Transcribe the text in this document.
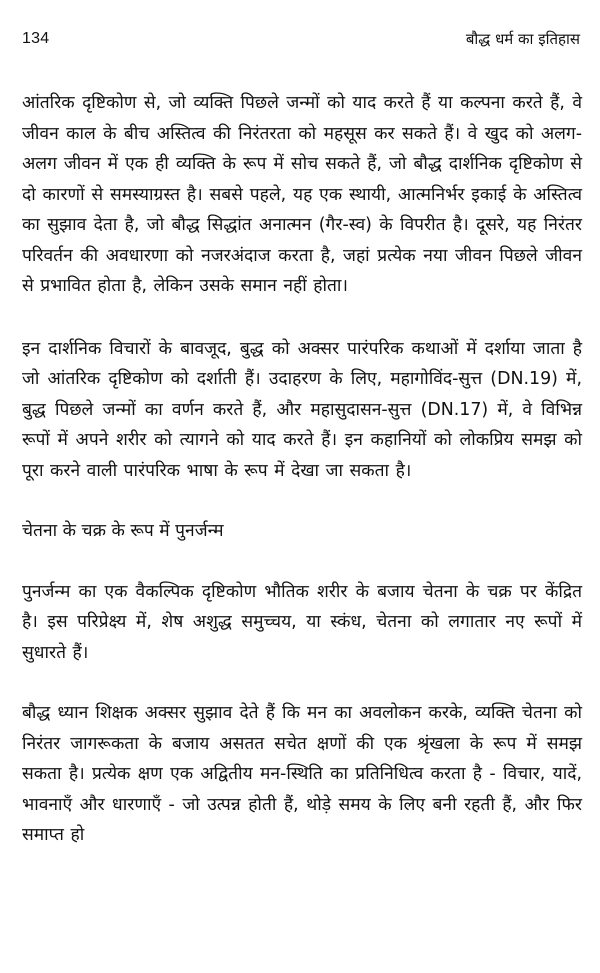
134	बौद्ध धर्म का इतिहास

आंतरिक दृष्टिकोण से, जो व्यक्ति पिछले जन्मों को याद करते हैं या कल्पना करते हैं, वे जीवन काल के बीच अस्तित्व की निरंतरता को महसूस कर सकते हैं। वे खुद को अलग-अलग जीवन में एक ही व्यक्ति के रूप में सोच सकते हैं, जो बौद्ध दार्शनिक दृष्टिकोण से दो कारणों से समस्याग्रस्त है। सबसे पहले, यह एक स्थायी, आत्मनिर्भर इकाई के अस्तित्व का सुझाव देता है, जो बौद्ध सिद्धांत अनात्मन (गैर-स्व) के विपरीत है। दूसरे, यह निरंतर परिवर्तन की अवधारणा को नजरअंदाज करता है, जहां प्रत्येक नया जीवन पिछले जीवन से प्रभावित होता है, लेकिन उसके समान नहीं होता।

इन दार्शनिक विचारों के बावजूद, बुद्ध को अक्सर पारंपरिक कथाओं में दर्शाया जाता है जो आंतरिक दृष्टिकोण को दर्शाती हैं। उदाहरण के लिए, महागोविंद-सुत्त (DN.19) में, बुद्ध पिछले जन्मों का वर्णन करते हैं, और महासुदासन-सुत्त (DN.17) में, वे विभिन्न रूपों में अपने शरीर को त्यागने को याद करते हैं। इन कहानियों को लोकप्रिय समझ को पूरा करने वाली पारंपरिक भाषा के रूप में देखा जा सकता है।

चेतना के चक्र के रूप में पुनर्जन्म

पुनर्जन्म का एक वैकल्पिक दृष्टिकोण भौतिक शरीर के बजाय चेतना के चक्र पर केंद्रित है। इस परिप्रेक्ष्य में, शेष अशुद्ध समुच्चय, या स्कंध, चेतना को लगातार नए रूपों में सुधारते हैं।

बौद्ध ध्यान शिक्षक अक्सर सुझाव देते हैं कि मन का अवलोकन करके, व्यक्ति चेतना को निरंतर जागरूकता के बजाय असतत सचेत क्षणों की एक श्रृंखला के रूप में समझ सकता है। प्रत्येक क्षण एक अद्वितीय मन-स्थिति का प्रतिनिधित्व करता है - विचार, यादें, भावनाएँ और धारणाएँ - जो उत्पन्न होती हैं, थोड़े समय के लिए बनी रहती हैं, और फिर समाप्त हो
